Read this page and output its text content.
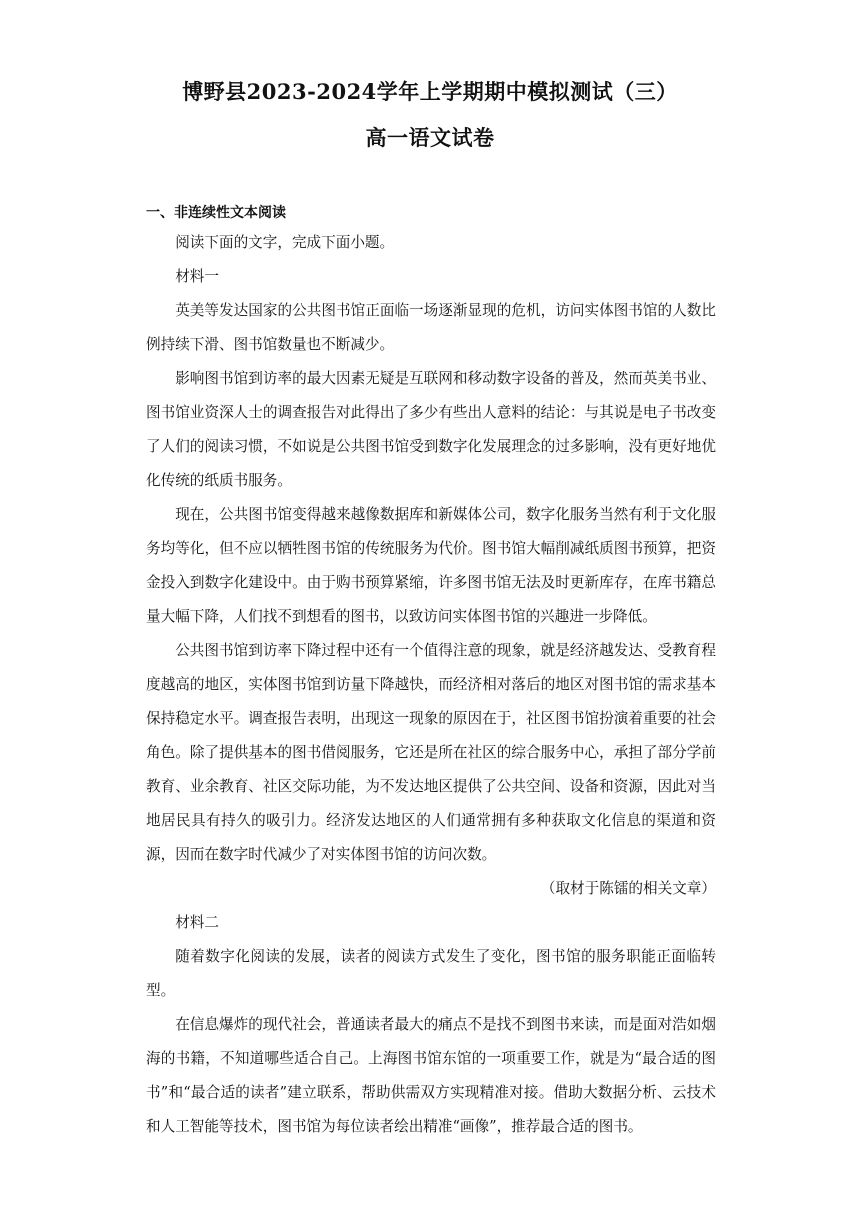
博野县2023-2024学年上学期期中模拟测试（三）
高一语文试卷
一、非连续性文本阅读

阅读下面的文字，完成下面小题。

材料一

英美等发达国家的公共图书馆正面临一场逐渐显现的危机，访问实体图书馆的人数比例持续下滑、图书馆数量也不断减少。

影响图书馆到访率的最大因素无疑是互联网和移动数字设备的普及，然而英美书业、图书馆业资深人士的调查报告对此得出了多少有些出人意料的结论：与其说是电子书改变了人们的阅读习惯，不如说是公共图书馆受到数字化发展理念的过多影响，没有更好地优化传统的纸质书服务。

现在，公共图书馆变得越来越像数据库和新媒体公司，数字化服务当然有利于文化服务均等化，但不应以牺牲图书馆的传统服务为代价。图书馆大幅削减纸质图书预算，把资金投入到数字化建设中。由于购书预算紧缩，许多图书馆无法及时更新库存，在库书籍总量大幅下降，人们找不到想看的图书，以致访问实体图书馆的兴趣进一步降低。

公共图书馆到访率下降过程中还有一个值得注意的现象，就是经济越发达、受教育程度越高的地区，实体图书馆到访量下降越快，而经济相对落后的地区对图书馆的需求基本保持稳定水平。调查报告表明，出现这一现象的原因在于，社区图书馆扮演着重要的社会角色。除了提供基本的图书借阅服务，它还是所在社区的综合服务中心，承担了部分学前教育、业余教育、社区交际功能，为不发达地区提供了公共空间、设备和资源，因此对当地居民具有持久的吸引力。经济发达地区的人们通常拥有多种获取文化信息的渠道和资源，因而在数字时代减少了对实体图书馆的访问次数。

（取材于陈镭的相关文章）

材料二

随着数字化阅读的发展，读者的阅读方式发生了变化，图书馆的服务职能正面临转型。

在信息爆炸的现代社会，普通读者最大的痛点不是找不到图书来读，而是面对浩如烟海的书籍，不知道哪些适合自己。上海图书馆东馆的一项重要工作，就是为“最合适的图书”和“最合适的读者”建立联系，帮助供需双方实现精准对接。借助大数据分析、云技术和人工智能等技术，图书馆为每位读者绘出精准“画像”，推荐最合适的图书。
